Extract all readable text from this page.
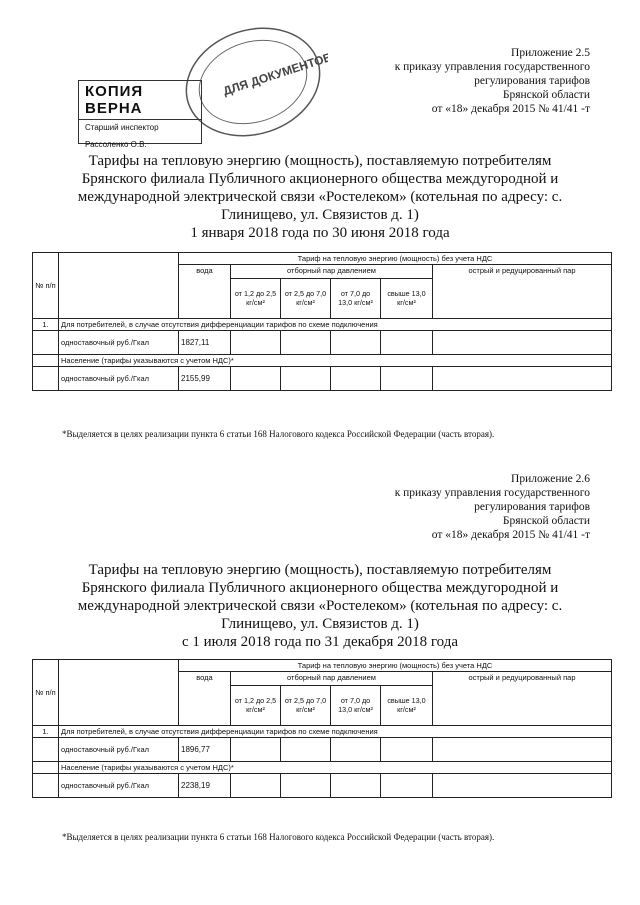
ДЛЯ ДОКУМЕНТОВ
КОПИЯ ВЕРНА
Старший инспектор
Рассоленко О.В.
Приложение 2.5
к приказу управления государственного
регулирования тарифов
Брянской области
от «18» декабря 2015 № 41/41 -т
Тарифы на тепловую энергию (мощность), поставляемую потребителям
Брянского филиала Публичного акционерного общества междугородной и
международной электрической связи «Ростелеком» (котельная по адресу: с.
Глинищево, ул. Связистов д. 1)
1 января 2018 года по 30 июня 2018 года
№ п/п		Тариф на тепловую энергию (мощность) без учета НДС					
		вода	отборный пар давлением				острый и редуцированный пар
			от 1,2 до 2,5 кг/см²	от 2,5 до 7,0 кг/см²	от 7,0 до 13,0 кг/см²	свыше 13,0 кг/см²	
1.	Для потребителей, в случае отсутствия дифференциации тарифов по схеме подключения						
	одноставочный руб./Гкал	1827,11					
	Население (тарифы указываются с учетом НДС)*						
	одноставочный руб./Гкал	2155,99					
*Выделяется в целях реализации пункта 6 статьи 168 Налогового кодекса Российской Федерации (часть вторая).
Приложение 2.6
к приказу управления государственного
регулирования тарифов
Брянской области
от «18» декабря 2015 № 41/41 -т
Тарифы на тепловую энергию (мощность), поставляемую потребителям
Брянского филиала Публичного акционерного общества междугородной и
международной электрической связи «Ростелеком» (котельная по адресу: с.
Глинищево, ул. Связистов д. 1)
с 1 июля 2018 года по 31 декабря 2018 года
№ п/п		Тариф на тепловую энергию (мощность) без учета НДС					
		вода	отборный пар давлением				острый и редуцированный пар
			от 1,2 до 2,5 кг/см²	от 2,5 до 7,0 кг/см²	от 7,0 до 13,0 кг/см²	свыше 13,0 кг/см²	
1.	Для потребителей, в случае отсутствия дифференциации тарифов по схеме подключения						
	одноставочный руб./Гкал	1896,77					
	Население (тарифы указываются с учетом НДС)*						
	одноставочный руб./Гкал	2238,19					
*Выделяется в целях реализации пункта 6 статьи 168 Налогового кодекса Российской Федерации (часть вторая).
